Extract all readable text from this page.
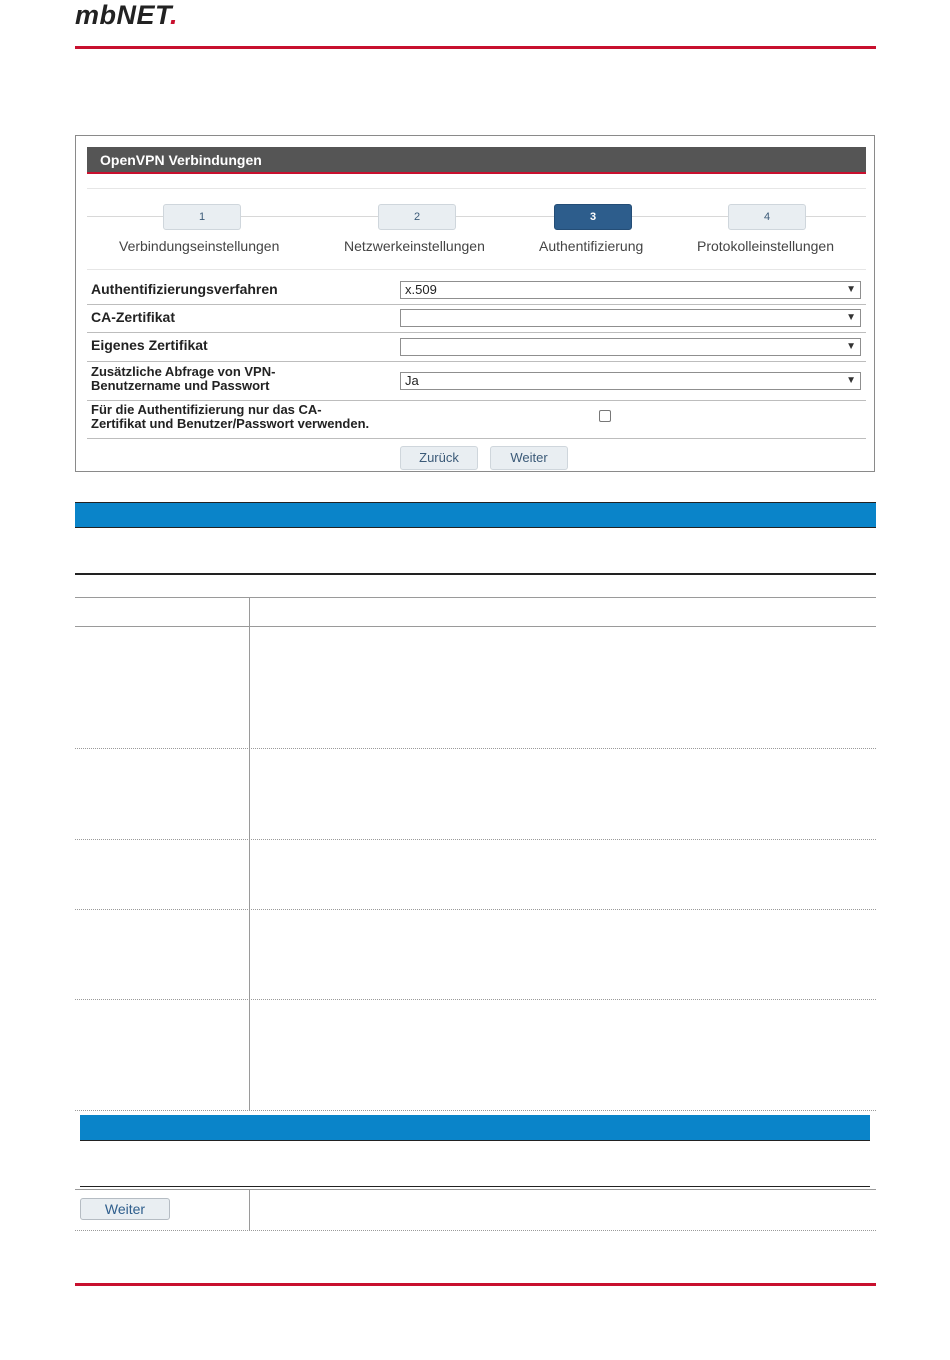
mbNET.
OpenVPN Verbindungen
1
Verbindungseinstellungen
2
Netzwerkeinstellungen
3
Authentifizierung
4
Protokolleinstellungen
Authentifizierungsverfahren	x.509	▼
CA-Zertifikat	▼
Eigenes Zertifikat	▼
Zusätzliche Abfrage von VPN-
Benutzername und Passwort	Ja	▼
Für die Authentifizierung nur das CA-
Zertifikat und Benutzer/Passwort verwenden.
Zurück	Weiter
Weiter
